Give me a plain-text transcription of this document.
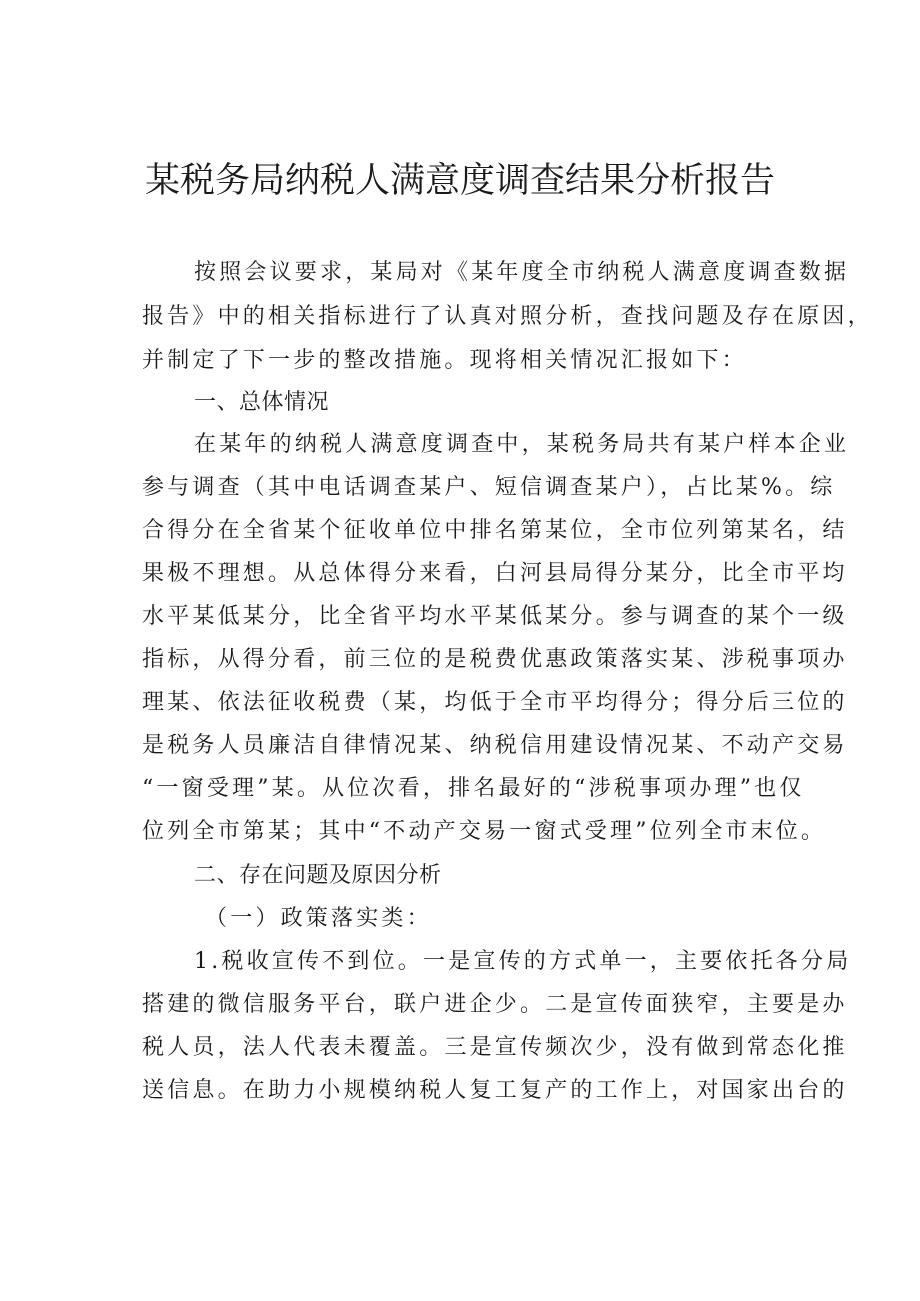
某税务局纳税人满意度调查结果分析报告
按照会议要求，某局对《某年度全市纳税人满意度调查数据
报告》中的相关指标进行了认真对照分析，查找问题及存在原因，
并制定了下一步的整改措施。现将相关情况汇报如下：
一、总体情况
在某年的纳税人满意度调查中，某税务局共有某户样本企业
参与调查（其中电话调查某户、短信调查某户），占比某%。综
合得分在全省某个征收单位中排名第某位，全市位列第某名，结
果极不理想。从总体得分来看，白河县局得分某分，比全市平均
水平某低某分，比全省平均水平某低某分。参与调查的某个一级
指标，从得分看，前三位的是税费优惠政策落实某、涉税事项办
理某、依法征收税费（某，均低于全市平均得分；得分后三位的
是税务人员廉洁自律情况某、纳税信用建设情况某、不动产交易
“一窗受理”某。从位次看，排名最好的“涉税事项办理”也仅
位列全市第某；其中“不动产交易一窗式受理”位列全市末位。
二、存在问题及原因分析
（一）政策落实类：
1.税收宣传不到位。一是宣传的方式单一，主要依托各分局
搭建的微信服务平台，联户进企少。二是宣传面狭窄，主要是办
税人员，法人代表未覆盖。三是宣传频次少，没有做到常态化推
送信息。在助力小规模纳税人复工复产的工作上，对国家出台的
